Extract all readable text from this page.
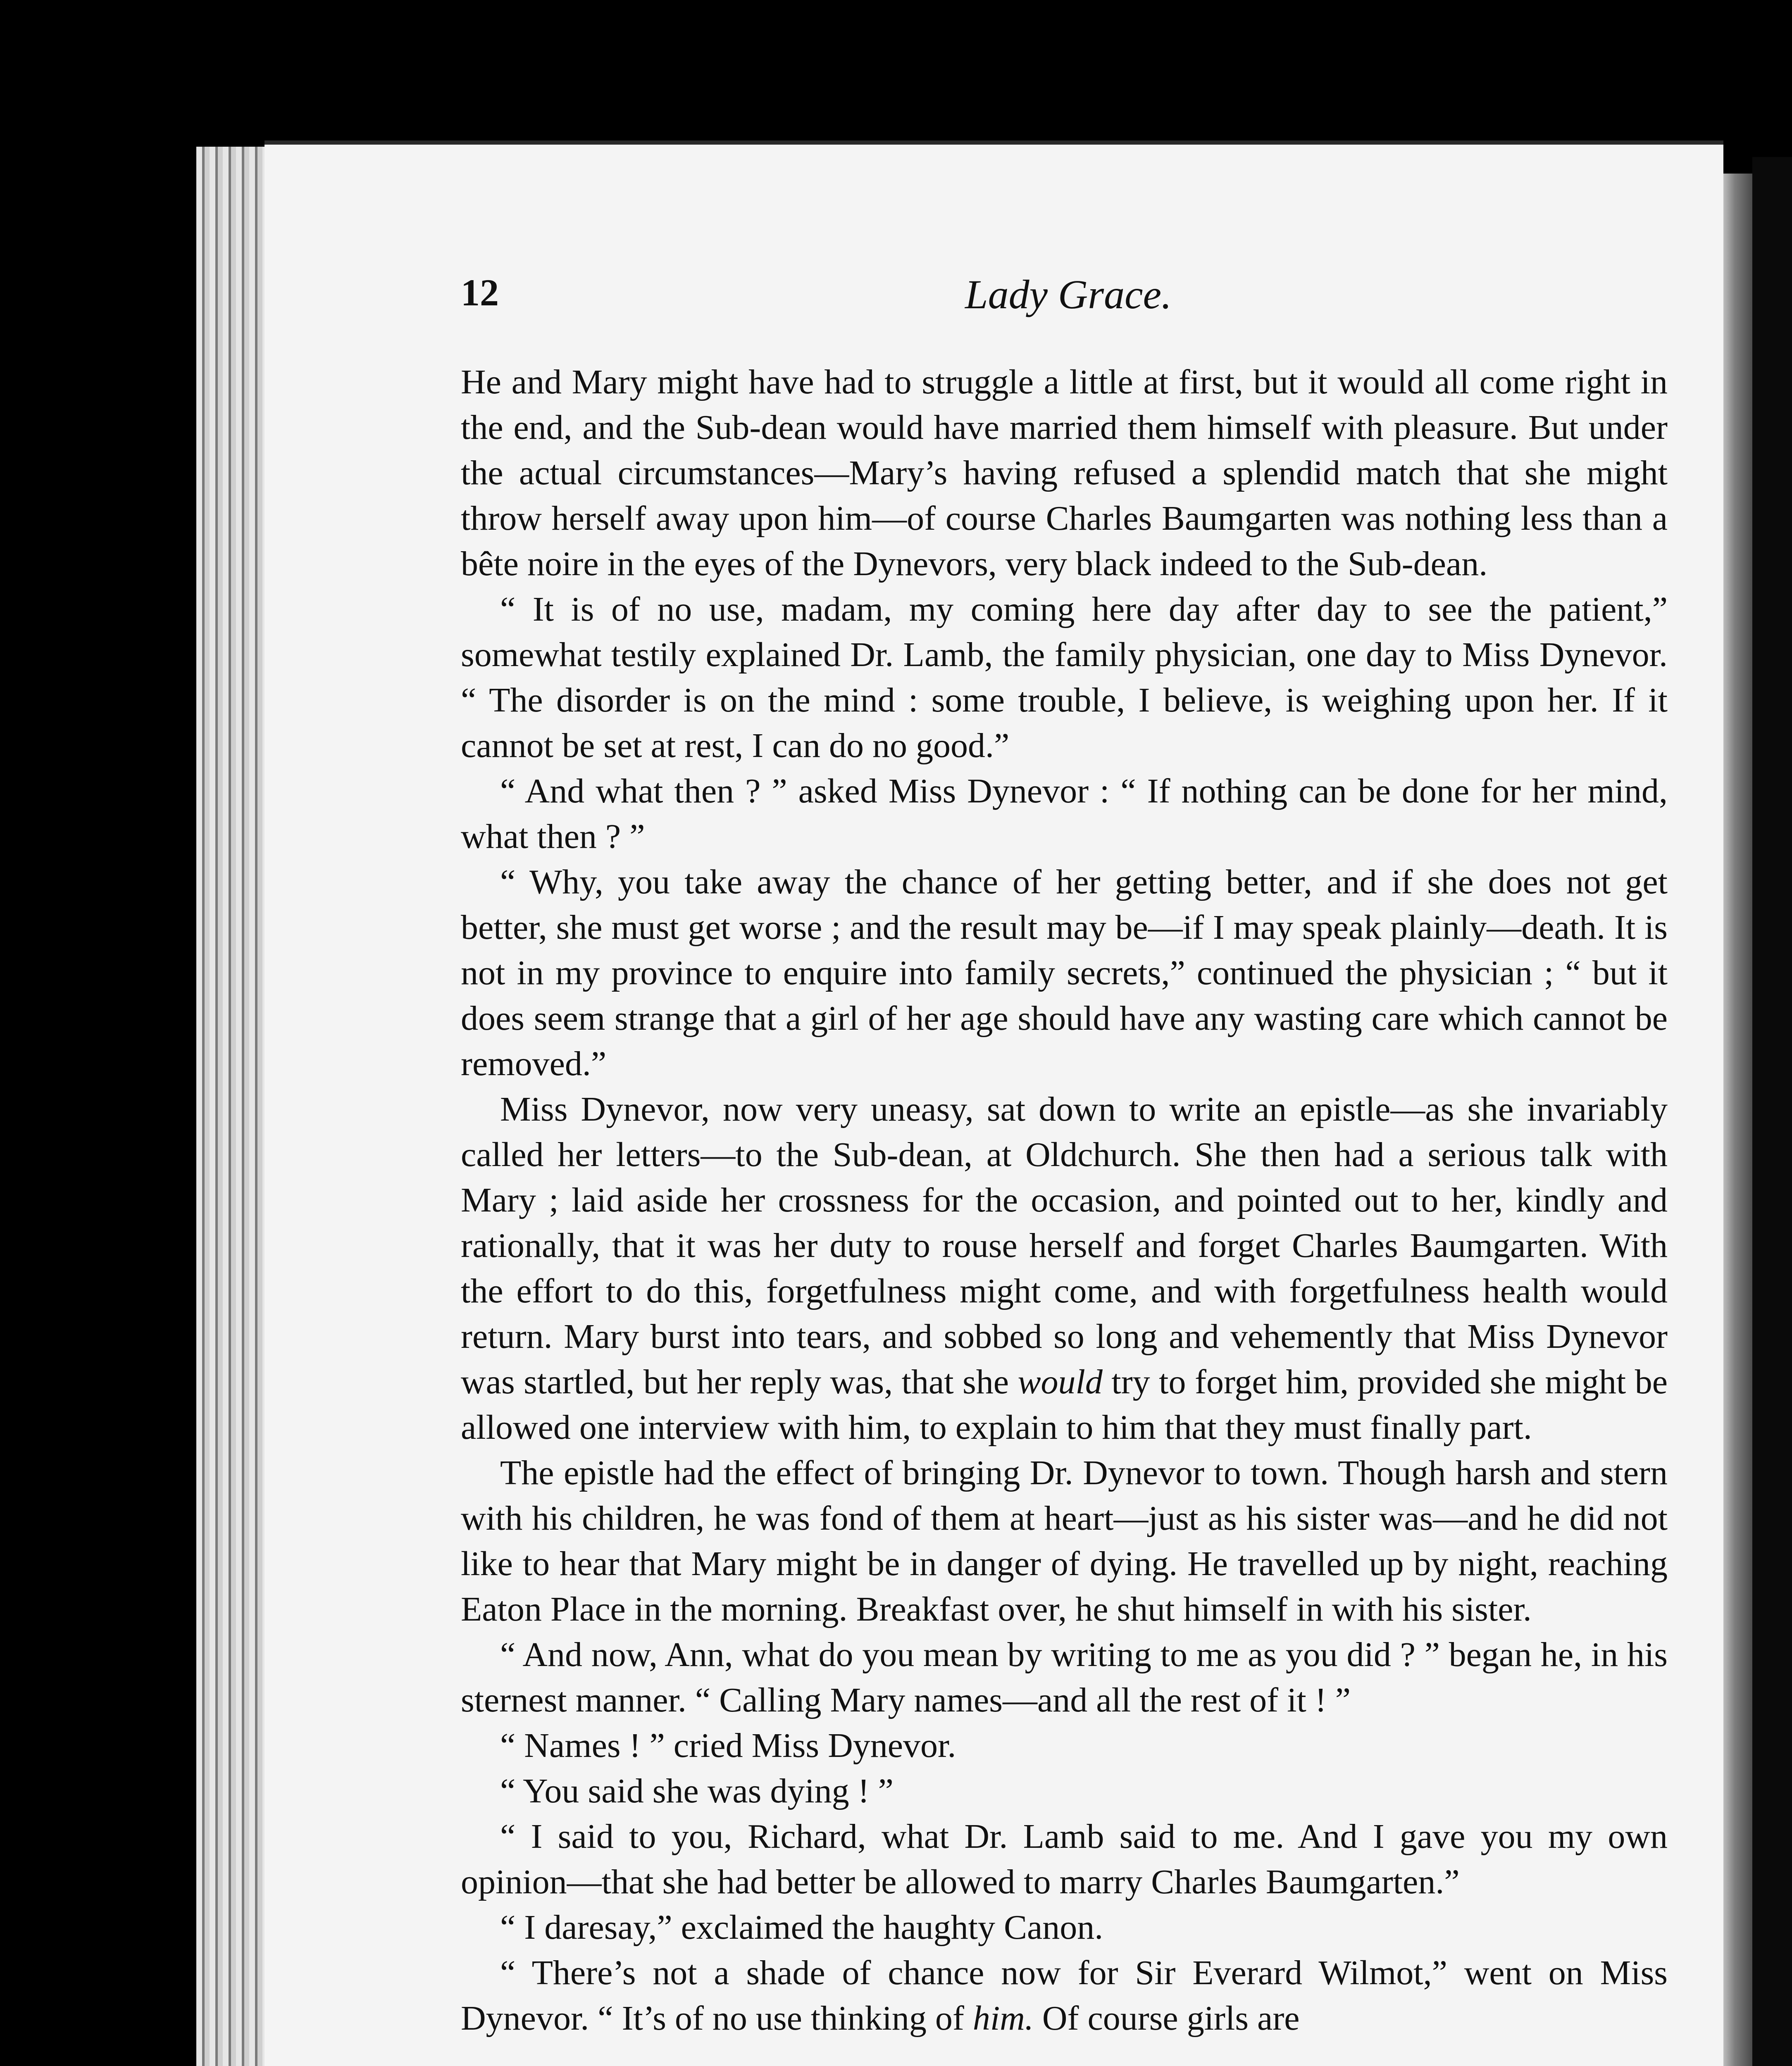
12	Lady Grace.

He and Mary might have had to struggle a little at first, but it would all come right in the end, and the Sub-dean would have married them himself with pleasure. But under the actual circumstances—Mary’s having refused a splendid match that she might throw herself away upon him—of course Charles Baumgarten was nothing less than a bête noire in the eyes of the Dynevors, very black indeed to the Sub-dean.

“ It is of no use, madam, my coming here day after day to see the patient,” somewhat testily explained Dr. Lamb, the family physician, one day to Miss Dynevor. “ The disorder is on the mind : some trouble, I believe, is weighing upon her. If it cannot be set at rest, I can do no good.”

“ And what then ? ” asked Miss Dynevor : “ If nothing can be done for her mind, what then ? ”

“ Why, you take away the chance of her getting better, and if she does not get better, she must get worse ; and the result may be—if I may speak plainly—death. It is not in my province to enquire into family secrets,” continued the physician ; “ but it does seem strange that a girl of her age should have any wasting care which cannot be removed.”

Miss Dynevor, now very uneasy, sat down to write an epistle—as she invariably called her letters—to the Sub-dean, at Oldchurch. She then had a serious talk with Mary ; laid aside her crossness for the occasion, and pointed out to her, kindly and rationally, that it was her duty to rouse herself and forget Charles Baumgarten. With the effort to do this, forgetfulness might come, and with forgetfulness health would return. Mary burst into tears, and sobbed so long and vehemently that Miss Dynevor was startled, but her reply was, that she would try to forget him, provided she might be allowed one interview with him, to explain to him that they must finally part.

The epistle had the effect of bringing Dr. Dynevor to town. Though harsh and stern with his children, he was fond of them at heart—just as his sister was—and he did not like to hear that Mary might be in danger of dying. He travelled up by night, reaching Eaton Place in the morning. Breakfast over, he shut himself in with his sister.

“ And now, Ann, what do you mean by writing to me as you did ? ” began he, in his sternest manner. “ Calling Mary names—and all the rest of it ! ”

“ Names ! ” cried Miss Dynevor.

“ You said she was dying ! ”

“ I said to you, Richard, what Dr. Lamb said to me. And I gave you my own opinion—that she had better be allowed to marry Charles Baumgarten.”

“ I daresay,” exclaimed the haughty Canon.

“ There’s not a shade of chance now for Sir Everard Wilmot,” went on Miss Dynevor. “ It’s of no use thinking of him. Of course girls are
